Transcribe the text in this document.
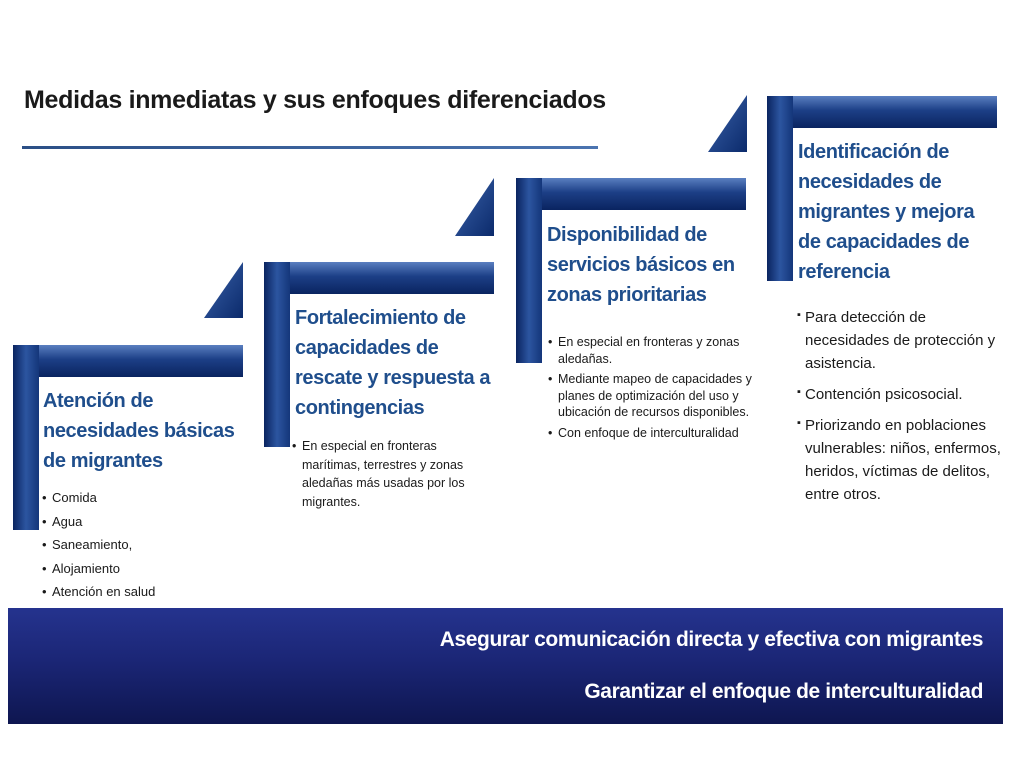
Medidas inmediatas y sus enfoques diferenciados
Atención de
necesidades básicas
de migrantes
Fortalecimiento de
capacidades de
rescate y respuesta a
contingencias
Disponibilidad de
servicios básicos en
zonas prioritarias
Identificación de
necesidades de
migrantes y mejora
de capacidades de
referencia
• Comida
• Agua
• Saneamiento,
• Alojamiento
• Atención en salud
• En especial en fronteras marítimas, terrestres y zonas aledañas más usadas por los migrantes.
• En especial en fronteras y zonas aledañas.
• Mediante mapeo de capacidades y planes de optimización del uso y ubicación de recursos disponibles.
• Con enfoque de interculturalidad
▪ Para detección de necesidades de protección y asistencia.
▪ Contención psicosocial.
▪ Priorizando en poblaciones vulnerables: niños, enfermos, heridos, víctimas de delitos, entre otros.

Asegurar comunicación directa y efectiva con migrantes

Garantizar el enfoque de interculturalidad
